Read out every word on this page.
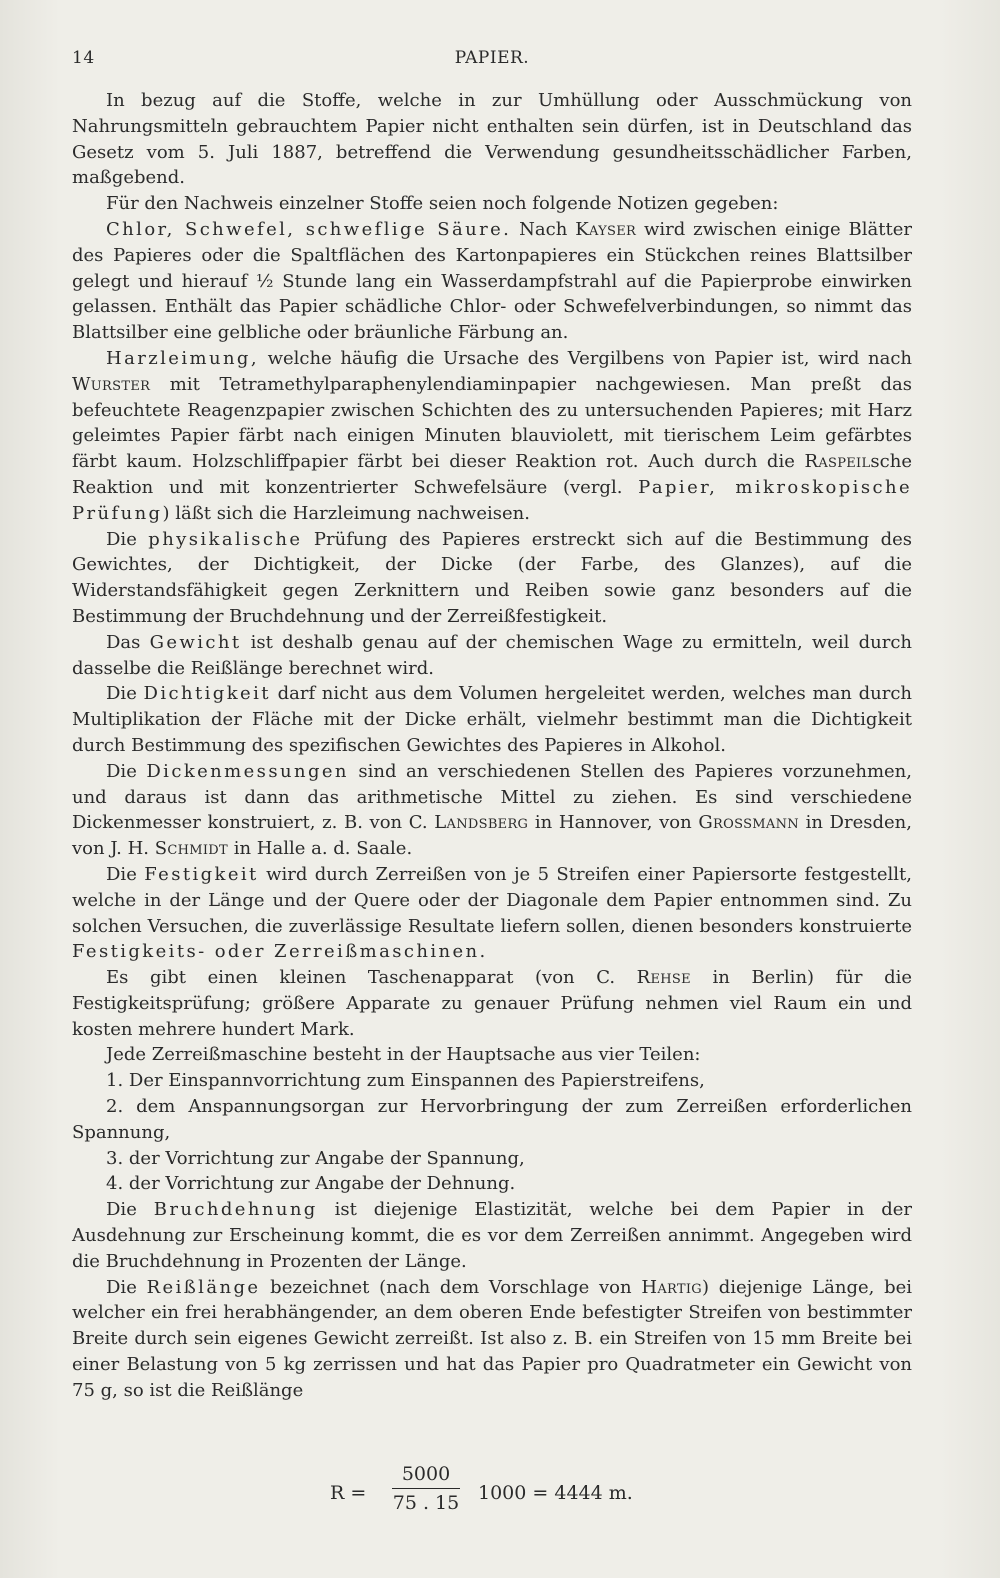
14	PAPIER.

In bezug auf die Stoffe, welche in zur Umhüllung oder Ausschmückung von Nahrungsmitteln gebrauchtem Papier nicht enthalten sein dürfen, ist in Deutschland das Gesetz vom 5. Juli 1887, betreffend die Verwendung gesundheitsschädlicher Farben, maßgebend.

Für den Nachweis einzelner Stoffe seien noch folgende Notizen gegeben:

Chlor, Schwefel, schweflige Säure. Nach Kayser wird zwischen einige Blätter des Papieres oder die Spaltflächen des Kartonpapieres ein Stückchen reines Blattsilber gelegt und hierauf ½ Stunde lang ein Wasserdampfstrahl auf die Papierprobe einwirken gelassen. Enthält das Papier schädliche Chlor- oder Schwefelverbindungen, so nimmt das Blattsilber eine gelbliche oder bräunliche Färbung an.

Harzleimung, welche häufig die Ursache des Vergilbens von Papier ist, wird nach Wurster mit Tetramethylparaphenylendiaminpapier nachgewiesen. Man preßt das befeuchtete Reagenzpapier zwischen Schichten des zu untersuchenden Papieres; mit Harz geleimtes Papier färbt nach einigen Minuten blauviolett, mit tierischem Leim gefärbtes färbt kaum. Holzschliffpapier färbt bei dieser Reaktion rot. Auch durch die Raspeilsche Reaktion und mit konzentrierter Schwefelsäure (vergl. Papier, mikroskopische Prüfung) läßt sich die Harzleimung nachweisen.

Die physikalische Prüfung des Papieres erstreckt sich auf die Bestimmung des Gewichtes, der Dichtigkeit, der Dicke (der Farbe, des Glanzes), auf die Widerstandsfähigkeit gegen Zerknittern und Reiben sowie ganz besonders auf die Bestimmung der Bruchdehnung und der Zerreißfestigkeit.

Das Gewicht ist deshalb genau auf der chemischen Wage zu ermitteln, weil durch dasselbe die Reißlänge berechnet wird.

Die Dichtigkeit darf nicht aus dem Volumen hergeleitet werden, welches man durch Multiplikation der Fläche mit der Dicke erhält, vielmehr bestimmt man die Dichtigkeit durch Bestimmung des spezifischen Gewichtes des Papieres in Alkohol.

Die Dickenmessungen sind an verschiedenen Stellen des Papieres vorzunehmen, und daraus ist dann das arithmetische Mittel zu ziehen. Es sind verschiedene Dickenmesser konstruiert, z. B. von C. Landsberg in Hannover, von Grossmann in Dresden, von J. H. Schmidt in Halle a. d. Saale.

Die Festigkeit wird durch Zerreißen von je 5 Streifen einer Papiersorte festgestellt, welche in der Länge und der Quere oder der Diagonale dem Papier entnommen sind. Zu solchen Versuchen, die zuverlässige Resultate liefern sollen, dienen besonders konstruierte Festigkeits- oder Zerreißmaschinen.

Es gibt einen kleinen Taschenapparat (von C. Rehse in Berlin) für die Festigkeitsprüfung; größere Apparate zu genauer Prüfung nehmen viel Raum ein und kosten mehrere hundert Mark.

Jede Zerreißmaschine besteht in der Hauptsache aus vier Teilen:

1. Der Einspannvorrichtung zum Einspannen des Papierstreifens,

2. dem Anspannungsorgan zur Hervorbringung der zum Zerreißen erforderlichen Spannung,

3. der Vorrichtung zur Angabe der Spannung,

4. der Vorrichtung zur Angabe der Dehnung.

Die Bruchdehnung ist diejenige Elastizität, welche bei dem Papier in der Ausdehnung zur Erscheinung kommt, die es vor dem Zerreißen annimmt. Angegeben wird die Bruchdehnung in Prozenten der Länge.

Die Reißlänge bezeichnet (nach dem Vorschlage von Hartig) diejenige Länge, bei welcher ein frei herabhängender, an dem oberen Ende befestigter Streifen von bestimmter Breite durch sein eigenes Gewicht zerreißt. Ist also z. B. ein Streifen von 15 mm Breite bei einer Belastung von 5 kg zerrissen und hat das Papier pro Quadratmeter ein Gewicht von 75 g, so ist die Reißlänge

R =
5000
75 . 15 1000 = 4444 m.
